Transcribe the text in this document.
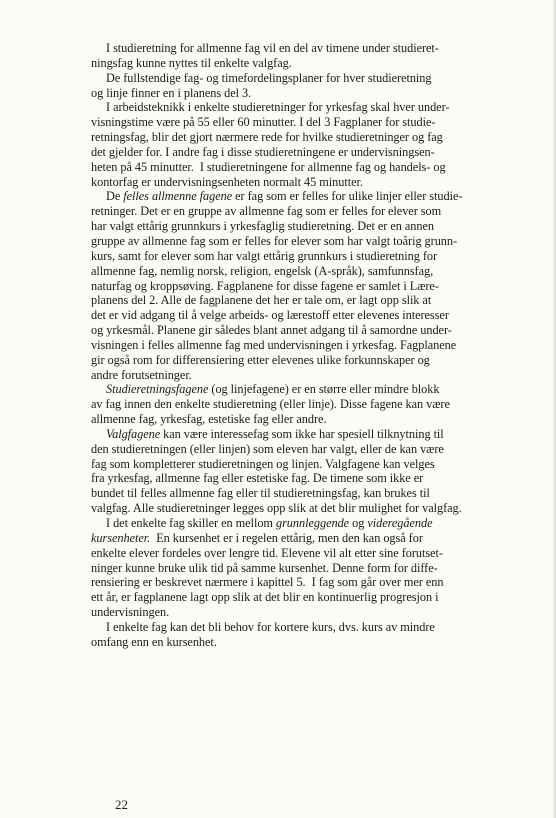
I studieretning for allmenne fag vil en del av timene under studieret-
ningsfag kunne nyttes til enkelte valgfag.
De fullstendige fag- og timefordelingsplaner for hver studieretning
og linje finner en i planens del 3.
I arbeidsteknikk i enkelte studieretninger for yrkesfag skal hver under-
visningstime være på 55 eller 60 minutter. I del 3 Fagplaner for studie-
retningsfag, blir det gjort nærmere rede for hvilke studieretninger og fag
det gjelder for. I andre fag i disse studieretningene er undervisningsen-
heten på 45 minutter.  I studieretningene for allmenne fag og handels- og
kontorfag er undervisningsenheten normalt 45 minutter.
De felles allmenne fagene er fag som er felles for ulike linjer eller studie-
retninger. Det er en gruppe av allmenne fag som er felles for elever som
har valgt ettårig grunnkurs i yrkesfaglig studieretning. Det er en annen
gruppe av allmenne fag som er felles for elever som har valgt toårig grunn-
kurs, samt for elever som har valgt ettårig grunnkurs i studieretning for
allmenne fag, nemlig norsk, religion, engelsk (A-språk), samfunnsfag,
naturfag og kroppsøving. Fagplanene for disse fagene er samlet i Lære-
planens del 2. Alle de fagplanene det her er tale om, er lagt opp slik at
det er vid adgang til å velge arbeids- og lærestoff etter elevenes interesser
og yrkesmål. Planene gir således blant annet adgang til å samordne under-
visningen i felles allmenne fag med undervisningen i yrkesfag. Fagplanene
gir også rom for differensiering etter elevenes ulike forkunnskaper og
andre forutsetninger.
Studieretningsfagene (og linjefagene) er en større eller mindre blokk
av fag innen den enkelte studieretning (eller linje). Disse fagene kan være
allmenne fag, yrkesfag, estetiske fag eller andre.
Valgfagene kan være interessefag som ikke har spesiell tilknytning til
den studieretningen (eller linjen) som eleven har valgt, eller de kan være
fag som kompletterer studieretningen og linjen. Valgfagene kan velges
fra yrkesfag, allmenne fag eller estetiske fag. De timene som ikke er
bundet til felles allmenne fag eller til studieretningsfag, kan brukes til
valgfag. Alle studieretninger legges opp slik at det blir mulighet for valgfag.
I det enkelte fag skiller en mellom grunnleggende og videregående
kursenheter.  En kursenhet er i regelen ettårig, men den kan også for
enkelte elever fordeles over lengre tid. Elevene vil alt etter sine forutset-
ninger kunne bruke ulik tid på samme kursenhet. Denne form for diffe-
rensiering er beskrevet nærmere i kapittel 5.  I fag som går over mer enn
ett år, er fagplanene lagt opp slik at det blir en kontinuerlig progresjon i
undervisningen.
I enkelte fag kan det bli behov for kortere kurs, dvs. kurs av mindre
omfang enn en kursenhet.
22
